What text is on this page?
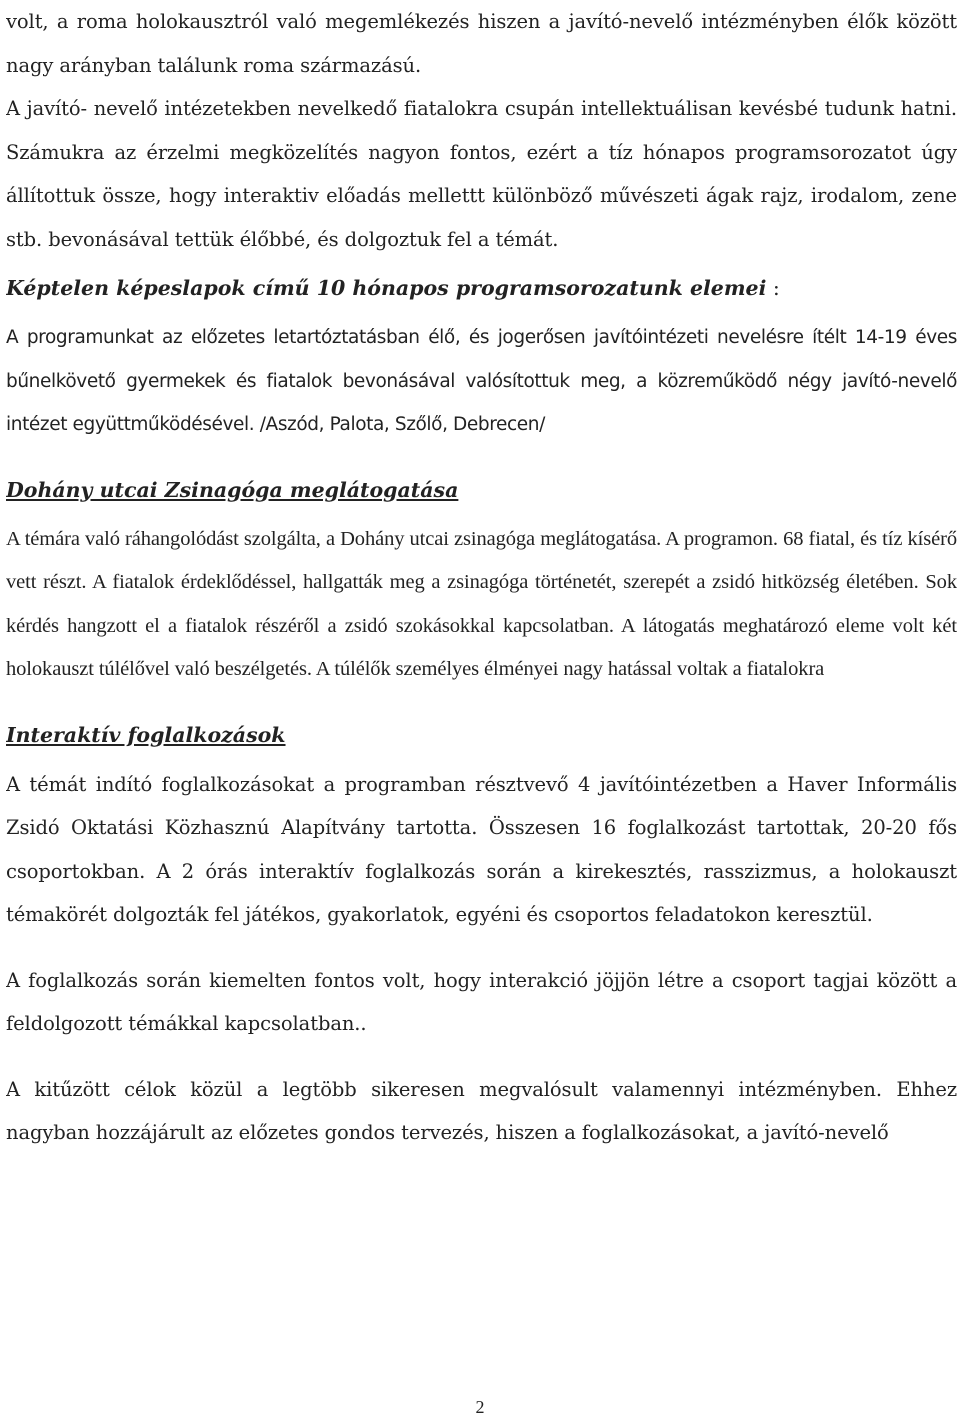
volt, a roma holokausztról való megemlékezés hiszen a javító-nevelő intézményben élők között nagy arányban találunk roma származású.

A javító- nevelő intézetekben nevelkedő fiatalokra csupán intellektuálisan kevésbé tudunk hatni. Számukra az érzelmi megközelítés nagyon fontos, ezért a tíz hónapos programsorozatot úgy állítottuk össze, hogy interaktiv előadás mellettt különböző művészeti ágak rajz, irodalom, zene stb. bevonásával tettük élőbbé, és dolgoztuk fel a témát.

Képtelen képeslapok című 10 hónapos programsorozatunk elemei :

A programunkat az előzetes letartóztatásban élő, és jogerősen javítóintézeti nevelésre ítélt 14-19 éves bűnelkövető gyermekek és fiatalok bevonásával valósítottuk meg, a közreműködő négy javító-nevelő intézet együttműködésével. /Aszód, Palota, Szőlő, Debrecen/

Dohány utcai Zsinagóga meglátogatása

A témára való ráhangolódást szolgálta, a Dohány utcai zsinagóga meglátogatása. A programon. 68 fiatal, és tíz kísérő vett részt. A fiatalok érdeklődéssel, hallgatták meg a zsinagóga történetét, szerepét a zsidó hitközség életében. Sok kérdés hangzott el a fiatalok részéről a zsidó szokásokkal kapcsolatban. A látogatás meghatározó eleme volt két holokauszt túlélővel való beszélgetés. A túlélők személyes élményei nagy hatással voltak a fiatalokra

Interaktív foglalkozások

A témát indító foglalkozásokat a programban résztvevő 4 javítóintézetben a Haver Informális Zsidó Oktatási Közhasznú Alapítvány tartotta. Összesen 16 foglalkozást tartottak, 20-20 fős csoportokban. A 2 órás interaktív foglalkozás során a kirekesztés, rasszizmus, a holokauszt témakörét dolgozták fel játékos, gyakorlatok, egyéni és csoportos feladatokon keresztül.

A foglalkozás során kiemelten fontos volt, hogy interakció jöjjön létre a csoport tagjai között a feldolgozott témákkal kapcsolatban..

A kitűzött célok közül a legtöbb sikeresen megvalósult valamennyi intézményben. Ehhez nagyban hozzájárult az előzetes gondos tervezés, hiszen a foglalkozásokat, a javító-nevelő

2
